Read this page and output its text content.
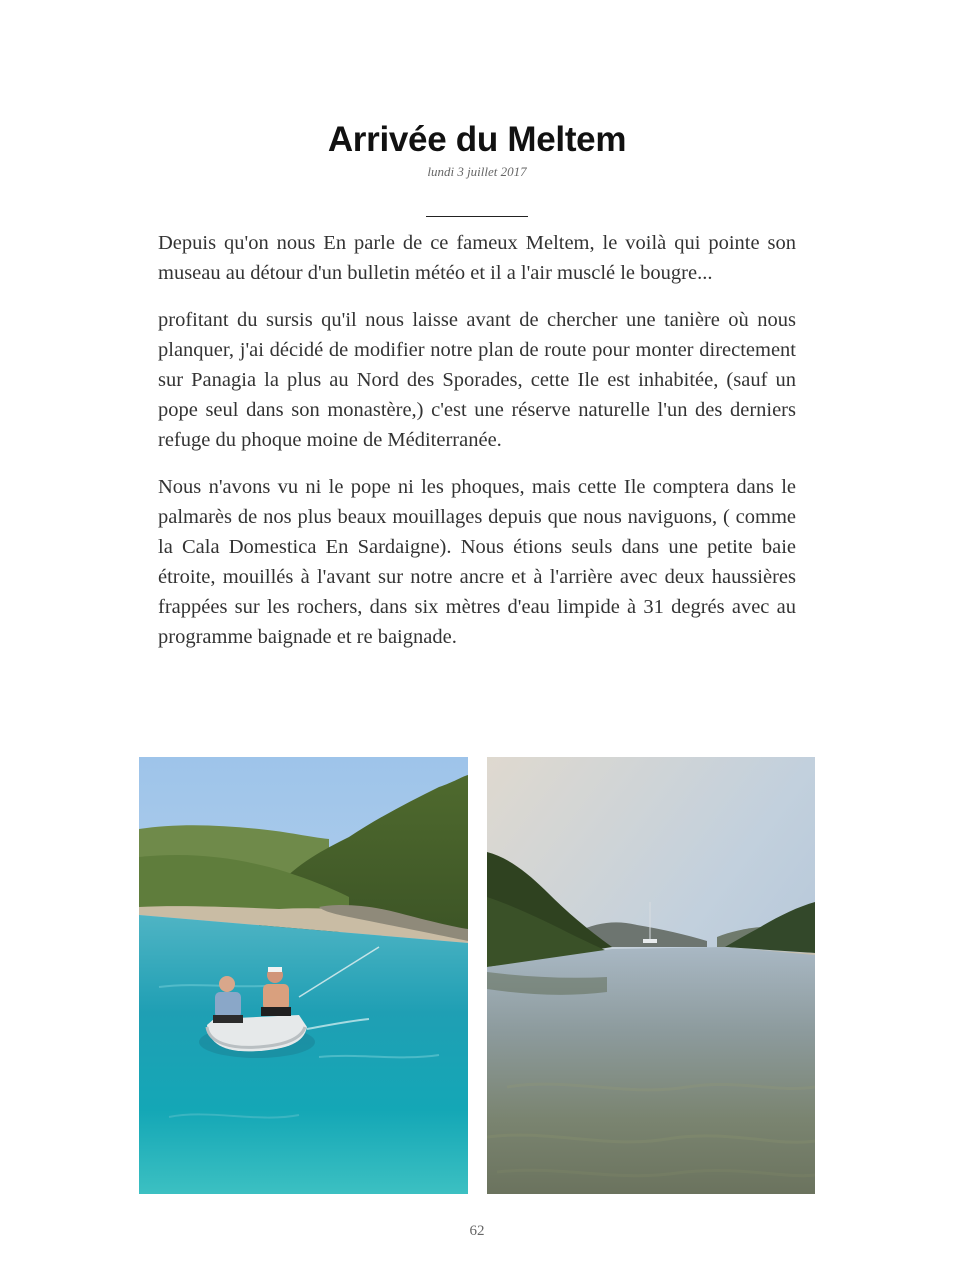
Arrivée du Meltem
lundi 3 juillet 2017

Depuis qu'on nous En parle de ce fameux Meltem, le voilà qui pointe son museau au détour d'un bulletin météo et il a l'air musclé le bougre...

profitant du sursis qu'il nous laisse avant de chercher une tanière où nous planquer, j'ai décidé de modifier notre plan de route pour monter directement sur Panagia la plus au Nord des Sporades, cette Ile est inhabitée, (sauf un pope seul dans son monastère,) c'est une réserve naturelle l'un des derniers refuge du phoque moine de Méditerranée.

Nous n'avons vu ni le pope ni les phoques, mais cette Ile comptera dans le palmarès de nos plus beaux mouillages depuis que nous naviguons, ( comme la Cala Domestica En Sardaigne). Nous étions seuls dans une petite baie étroite, mouillés à l'avant sur notre ancre et à l'arrière avec deux haussières frappées sur les rochers, dans six mètres d'eau limpide à 31 degrés avec au programme baignade et re baignade.

62
